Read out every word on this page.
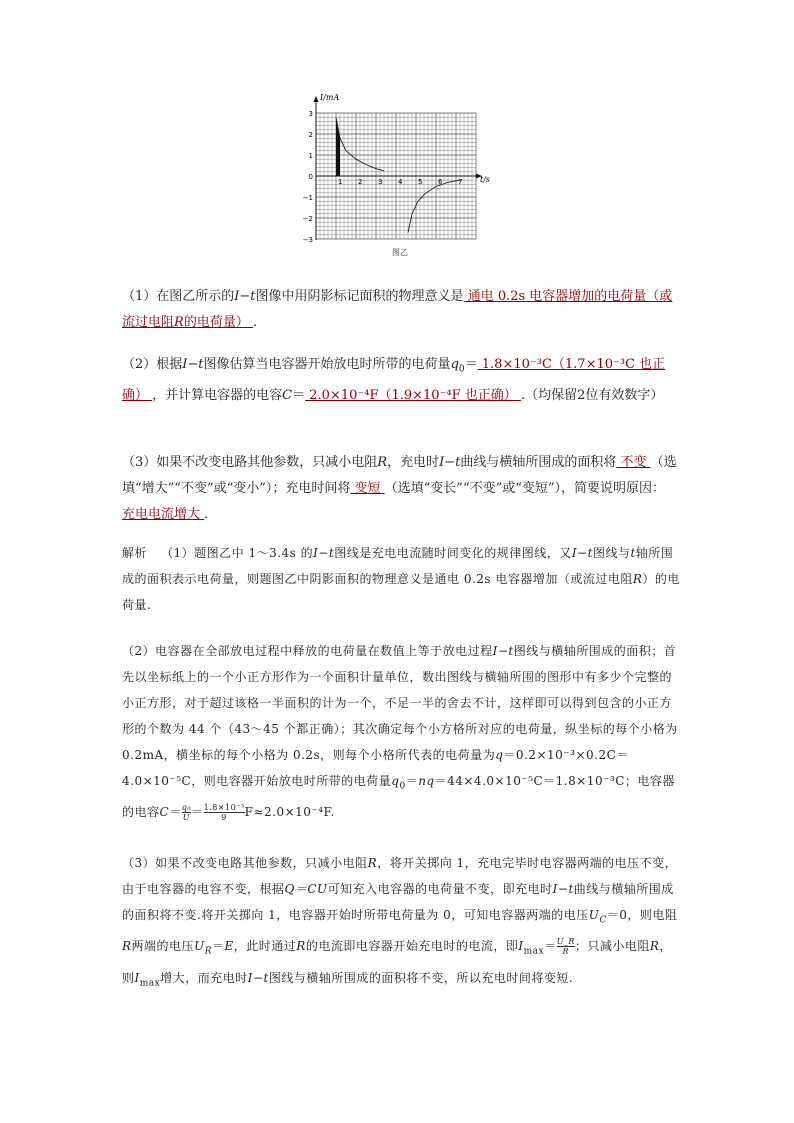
3
2
1
0
−1
−2
−3
1 2 3 4 5 6 7
I/mA
t/s
图乙
（1）在图乙所示的I−t图像中用阴影标记面积的物理意义是 通电 0.2s 电容器增加的电荷量（或流过电阻R的电荷量） .
（2）根据I−t图像估算当电容器开始放电时所带的电荷量$q_0= 1.8\times 10^{-3}C(1.7\times 10^{-3}C$ 也正确） ，并计算电容器的电容C＝ 2.0×10⁻⁴F（1.9×10⁻⁴F 也正确） .（均保留2位有效数字）
（3）如果不改变电路其他参数，只减小电阻R，充电时I−t曲线与横轴所围成的面积将 不变 （选填“增大”“不变”或“变小”）；充电时间将 变短 （选填“变长”“不变”或“变短”），简要说明原因： 充电电流增大 .
解析 （1）题图乙中 1～3.4s 的I−t图线是充电电流随时间变化的规律图线，又I−t图线与t轴所围成的面积表示电荷量，则题图乙中阴影面积的物理意义是通电 0.2s 电容器增加（或流过电阻R）的电荷量.
（2）电容器在全部放电过程中释放的电荷量在数值上等于放电过程I−t图线与横轴所围成的面积；首先以坐标纸上的一个小正方形作为一个面积计量单位，数出图线与横轴所围的图形中有多少个完整的小正方形，对于超过该格一半面积的计为一个，不足一半的舍去不计，这样即可以得到包含的小正方形的个数为 44 个（43～45 个都正确）；其次确定每个小方格所对应的电荷量，纵坐标的每个小格为 0.2mA，横坐标的每个小格为 0.2s，则每个小格所代表的电荷量为q＝0.2×10⁻³×0.2C＝4.0×10⁻⁵C，则电容器开始放电时所带的电荷量$q_0=nq=44\times 4.0\times 10^{-5}C=1.8\times 10^{-3}C$；电容器的电容$C= \frac{\text{q₀}}{U} = \frac{\text{1.8×10⁻³}}{9} F\approx 2.0\times 10^{-4}F$.
（3）如果不改变电路其他参数，只减小电阻R，将开关掷向 1，充电完毕时电容器两端的电压不变，由于电容器的电容不变，根据Q＝CU可知充入电容器的电荷量不变，即充电时I−t曲线与横轴所围成的面积将不变.将开关掷向 1，电容器开始时所带电荷量为 0，可知电容器两端的电压$U_C=0$，则电阻R两端的电压$U_R=E$，此时通过R的电流即电容器开始充电时的电流，即$I_{max}= \frac{U\_R}{R}$ ；只减小电阻R，则$I_{max}$增大，而充电时I−t图线与横轴所围成的面积将不变，所以充电时间将变短.
